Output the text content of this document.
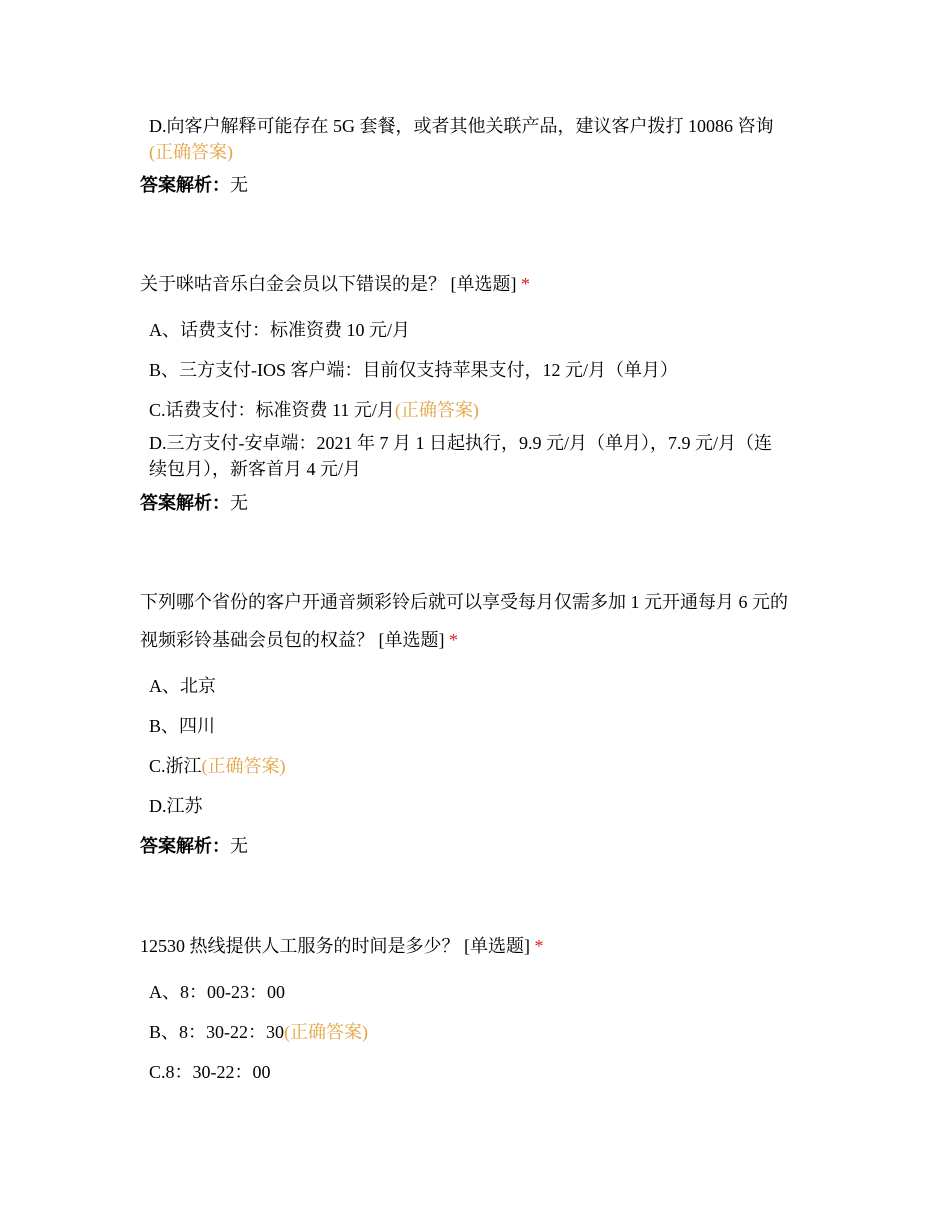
D.向客户解释可能存在 5G 套餐，或者其他关联产品，建议客户拨打 10086 咨询
(正确答案)
答案解析：无
关于咪咕音乐白金会员以下错误的是？ [单选题] *
A、话费支付：标准资费 10 元/月
B、三方支付-IOS 客户端：目前仅支持苹果支付，12 元/月（单月）
C.话费支付：标准资费 11 元/月(正确答案)
D.三方支付-安卓端：2021 年 7 月 1 日起执行，9.9 元/月（单月），7.9 元/月（连
续包月），新客首月 4 元/月
答案解析：无
下列哪个省份的客户开通音频彩铃后就可以享受每月仅需多加 1 元开通每月 6 元的
视频彩铃基础会员包的权益？ [单选题] *
A、北京
B、四川
C.浙江(正确答案)
D.江苏
答案解析：无
12530 热线提供人工服务的时间是多少？ [单选题] *
A、8：00-23：00
B、8：30-22：30(正确答案)
C.8：30-22：00
